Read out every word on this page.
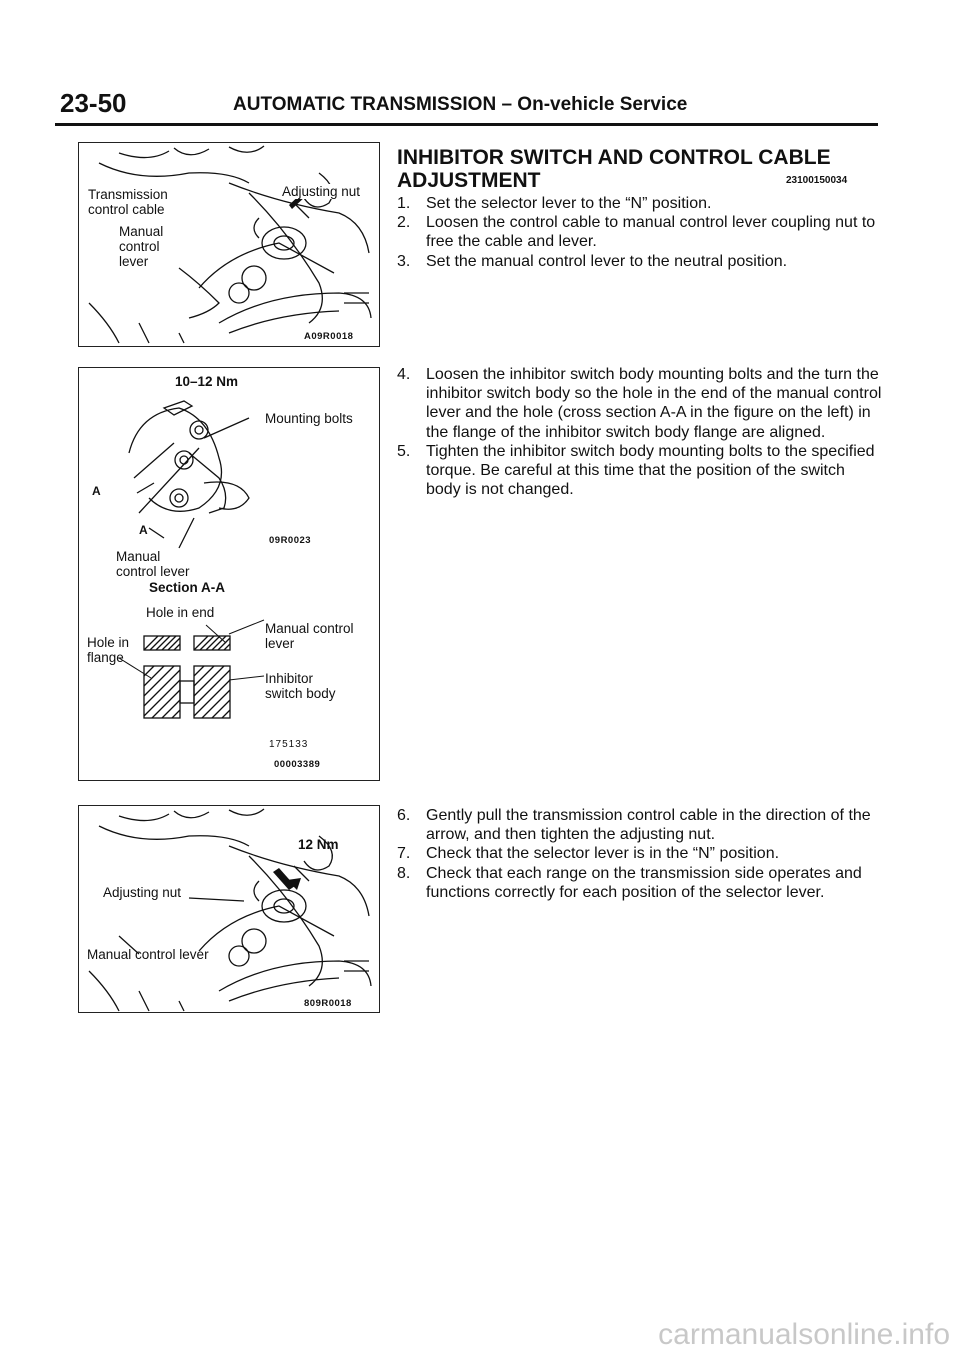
23-50	AUTOMATIC TRANSMISSION – On-vehicle Service
Transmission
control cable
Adjusting nut
Manual
control
lever
A09R0018
10–12 Nm
Mounting bolts
A
A
Manual
control lever
09R0023
Section A-A
Hole in end
Hole in
flange
Manual control
lever
Inhibitor
switch body
175133
00003389
12 Nm
Adjusting nut
Manual control lever
809R0018
INHIBITOR SWITCH AND CONTROL CABLE
ADJUSTMENT	23100150034
1. Set the selector lever to the “N” position.
2. Loosen the control cable to manual control lever coupling nut to free the cable and lever.
3. Set the manual control lever to the neutral position.
4. Loosen the inhibitor switch body mounting bolts and the turn the inhibitor switch body so the hole in the end of the manual control lever and the hole (cross section A-A in the figure on the left) in the flange of the inhibitor switch body flange are aligned.
5. Tighten the inhibitor switch body mounting bolts to the specified torque. Be careful at this time that the position of the switch body is not changed.
6. Gently pull the transmission control cable in the direction of the arrow, and then tighten the adjusting nut.
7. Check that the selector lever is in the “N” position.
8. Check that each range on the transmission side operates and functions correctly for each position of the selector lever.
carmanualsonline.info
